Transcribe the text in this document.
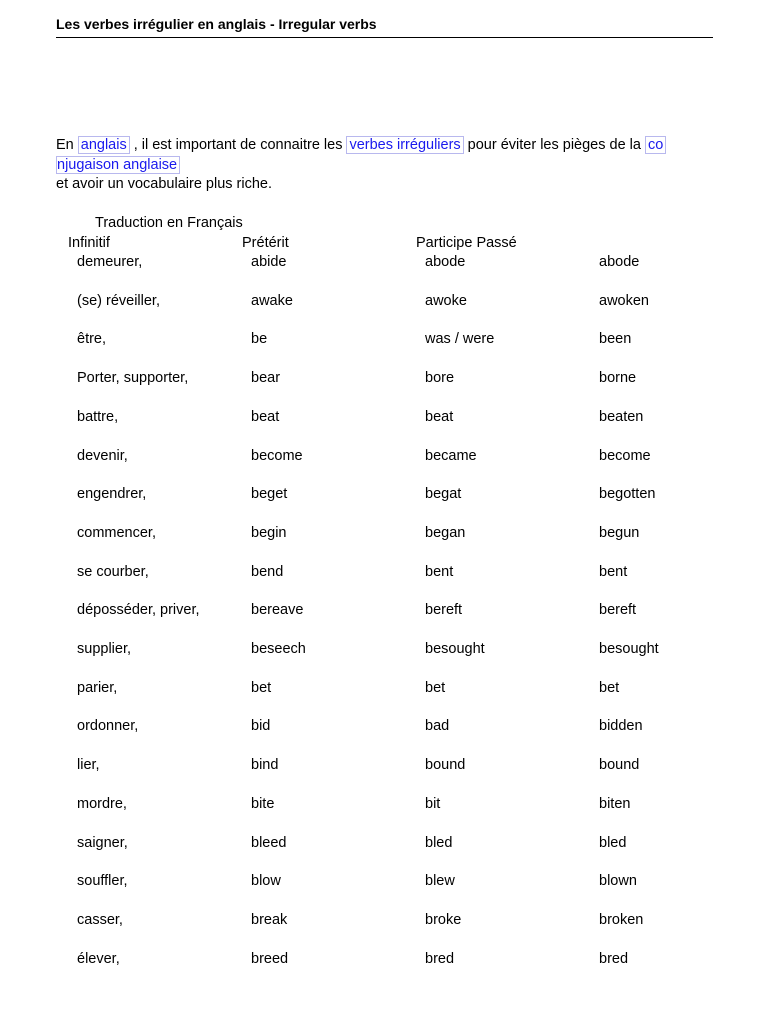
Les verbes irrégulier en anglais - Irregular verbs
En anglais , il est important de connaitre les verbes irréguliers pour éviter les pièges de la co
njugaison anglaise
et avoir un vocabulaire plus riche.
Traduction en Français
Infinitif	Prétérit	Participe Passé
demeurer,	abide	abode	abode
(se) réveiller,	awake	awoke	awoken
être,	be	was / were	been
Porter, supporter,	bear	bore	borne
battre,	beat	beat	beaten
devenir,	become	became	become
engendrer,	beget	begat	begotten
commencer,	begin	began	begun
se courber,	bend	bent	bent
déposséder, priver,	bereave	bereft	bereft
supplier,	beseech	besought	besought
parier,	bet	bet	bet
ordonner,	bid	bad	bidden
lier,	bind	bound	bound
mordre,	bite	bit	biten
saigner,	bleed	bled	bled
souffler,	blow	blew	blown
casser,	break	broke	broken
élever,	breed	bred	bred
